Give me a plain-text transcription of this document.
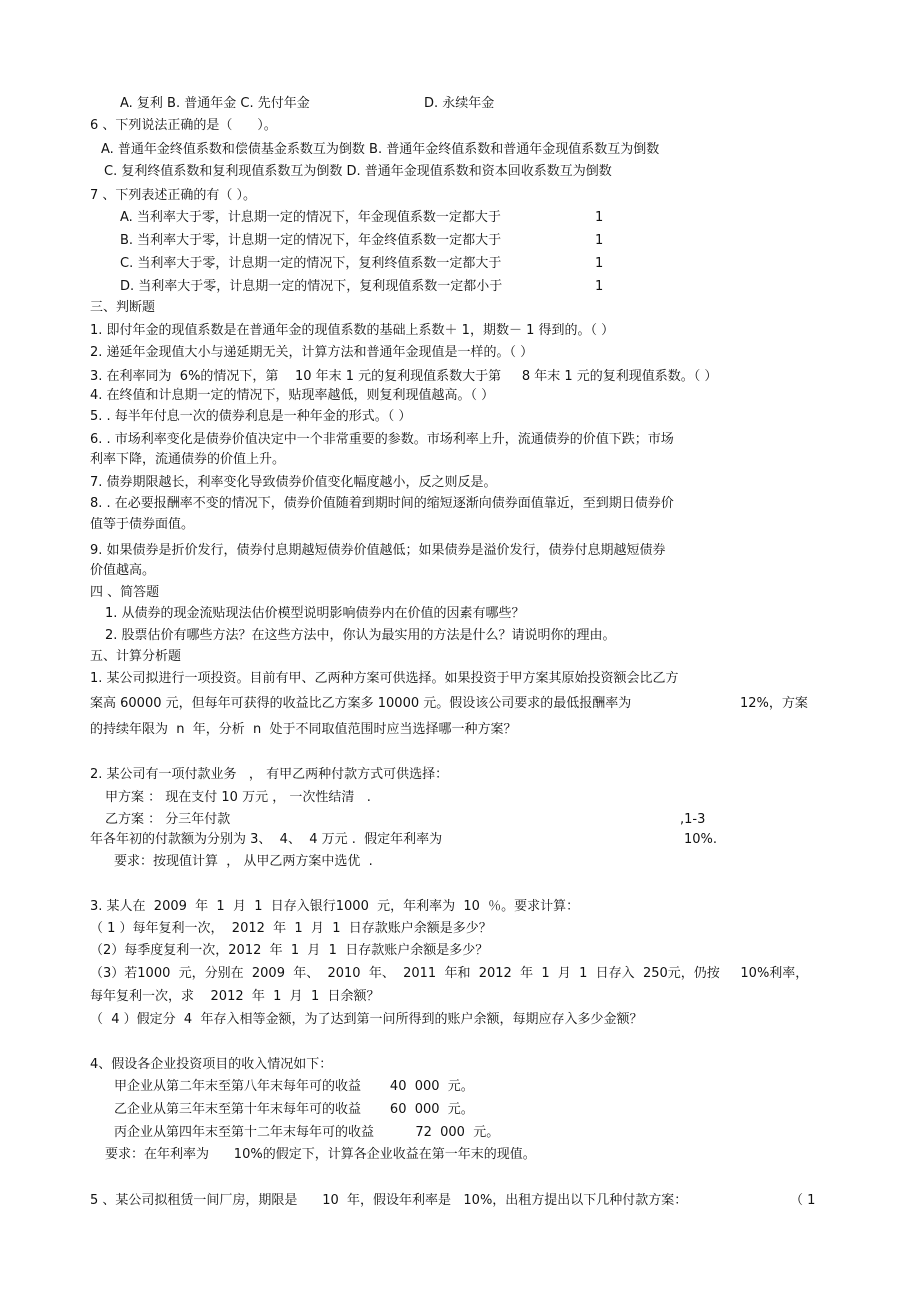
A. 复利 B. 普通年金 C. 先付年金	D. 永续年金
6 、下列说法正确的是（      ）。
A. 普通年金终值系数和偿债基金系数互为倒数 B. 普通年金终值系数和普通年金现值系数互为倒数
C. 复利终值系数和复利现值系数互为倒数 D. 普通年金现值系数和资本回收系数互为倒数
7 、下列表述正确的有（ ）。
A. 当利率大于零，计息期一定的情况下，年金现值系数一定都大于	1
B. 当利率大于零，计息期一定的情况下，年金终值系数一定都大于	1
C. 当利率大于零，计息期一定的情况下，复利终值系数一定都大于	1
D. 当利率大于零，计息期一定的情况下，复利现值系数一定都小于	1
三、判断题
1. 即付年金的现值系数是在普通年金的现值系数的基础上系数＋ 1，期数－ 1 得到的。（ ）
2. 递延年金现值大小与递延期无关，计算方法和普通年金现值是一样的。（ ）
3. 在利率同为  6%的情况下，第    10 年末 1 元的复利现值系数大于第     8 年末 1 元的复利现值系数。（ ）
4. 在终值和计息期一定的情况下，贴现率越低，则复利现值越高。（ ）
5. . 每半年付息一次的债券利息是一种年金的形式。（ ）
6. . 市场利率变化是债券价值决定中一个非常重要的参数。市场利率上升，流通债券的价值下跌；市场
利率下降，流通债券的价值上升。
7. 债券期限越长，利率变化导致债券价值变化幅度越小，反之则反是。
8. . 在必要报酬率不变的情况下，债券价值随着到期时间的缩短逐渐向债券面值靠近，至到期日债券价
值等于债券面值。
9. 如果债券是折价发行，债券付息期越短债券价值越低；如果债券是溢价发行，债券付息期越短债券
价值越高。
四 、简答题
1. 从债券的现金流贴现法估价模型说明影响债券内在价值的因素有哪些？
2. 股票估价有哪些方法？在这些方法中，你认为最实用的方法是什么？请说明你的理由。
五、计算分析题
1. 某公司拟进行一项投资。目前有甲、乙两种方案可供选择。如果投资于甲方案其原始投资额会比乙方
案高 60000 元，但每年可获得的收益比乙方案多 10000 元。假设该公司要求的最低报酬率为	12%，方案
的持续年限为  n  年，分析  n  处于不同取值范围时应当选择哪一种方案？
2. 某公司有一项付款业务   ， 有甲乙两种付款方式可供选择：
甲方案 ： 现在支付 10 万元 ， 一次性结清   .
乙方案 ： 分三年付款	,1-3
年各年初的付款额为分别为 3、  4、  4 万元 .  假定年利率为	10%.
要求：按现值计算  ， 从甲乙两方案中选优  .
3. 某人在  2009  年  1  月  1  日存入银行1000  元，年利率为  10  ％。要求计算：
（ 1 ）每年复利一次，  2012  年  1  月  1  日存款账户余额是多少？
（2）每季度复利一次，2012  年  1  月  1  日存款账户余额是多少？
（3）若1000  元，分别在  2009  年、  2010  年、  2011  年和  2012  年  1  月  1  日存入  250元，仍按     10%利率，
每年复利一次，求    2012  年  1  月  1  日余额？
（  4 ）假定分  4  年存入相等金额，为了达到第一问所得到的账户余额，每期应存入多少金额？
4、假设各企业投资项目的收入情况如下：
甲企业从第二年末至第八年末每年可的收益       40  000  元。
乙企业从第三年末至第十年末每年可的收益       60  000  元。
丙企业从第四年末至第十二年末每年可的收益          72  000  元。
要求：在年利率为      10%的假定下，计算各企业收益在第一年末的现值。
5 、某公司拟租赁一间厂房，期限是      10  年，假设年利率是   10%，出租方提出以下几种付款方案：	（ 1
